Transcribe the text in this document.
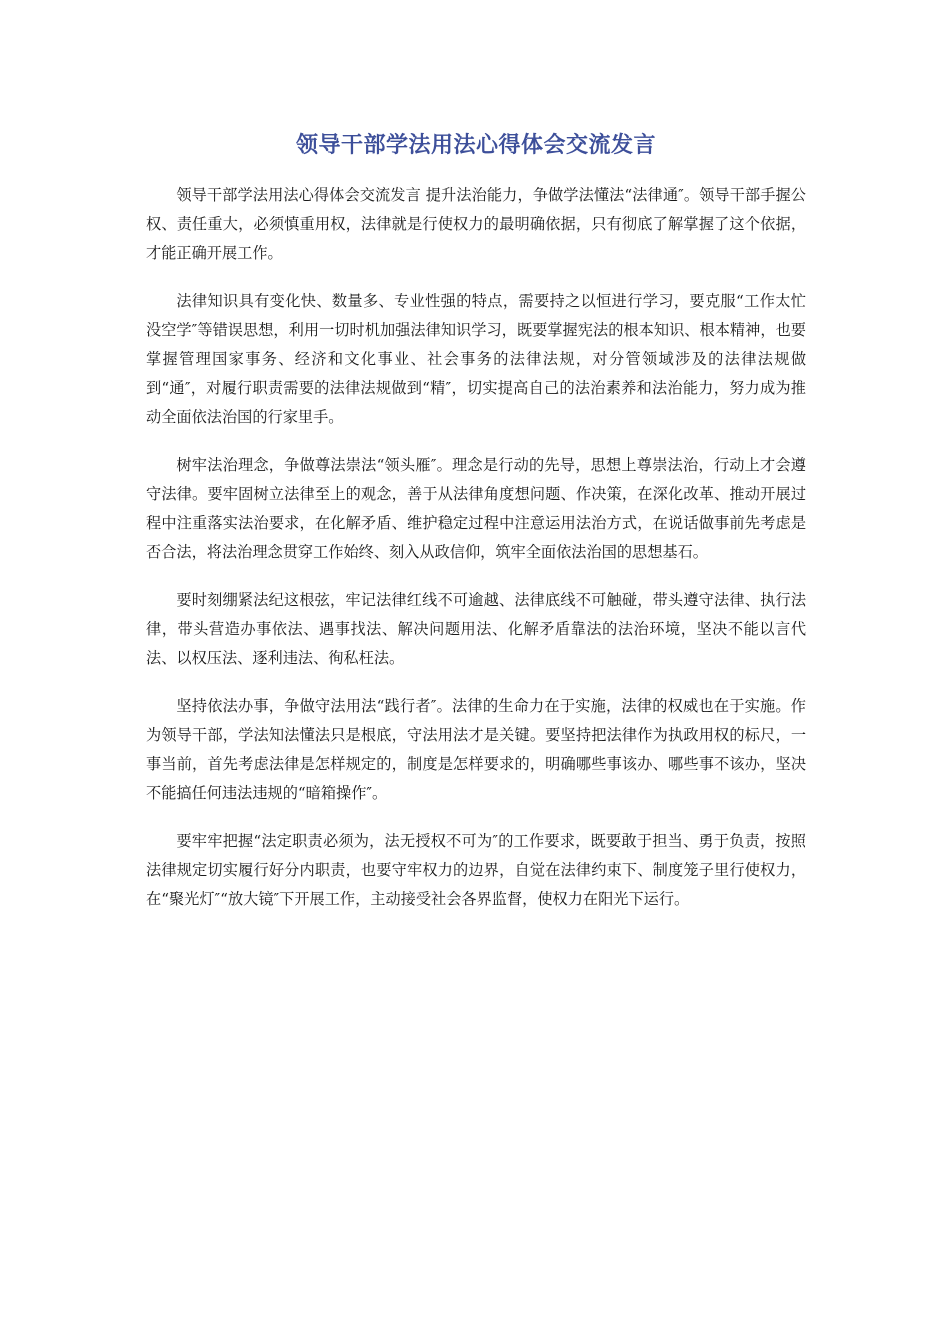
领导干部学法用法心得体会交流发言

领导干部学法用法心得体会交流发言 提升法治能力，争做学法懂法“法律通″。领导干部手握公权、责任重大，必须慎重用权，法律就是行使权力的最明确依据，只有彻底了解掌握了这个依据，才能正确开展工作。

法律知识具有变化快、数量多、专业性强的特点，需要持之以恒进行学习，要克服“工作太忙没空学″等错误思想，利用一切时机加强法律知识学习，既要掌握宪法的根本知识、根本精神，也要掌握管理国家事务、经济和文化事业、社会事务的法律法规，对分管领域涉及的法律法规做到“通″，对履行职责需要的法律法规做到“精″，切实提高自己的法治素养和法治能力，努力成为推动全面依法治国的行家里手。

树牢法治理念，争做尊法崇法“领头雁″。理念是行动的先导，思想上尊崇法治，行动上才会遵守法律。要牢固树立法律至上的观念，善于从法律角度想问题、作决策，在深化改革、推动开展过程中注重落实法治要求，在化解矛盾、维护稳定过程中注意运用法治方式，在说话做事前先考虑是否合法，将法治理念贯穿工作始终、刻入从政信仰，筑牢全面依法治国的思想基石。

要时刻绷紧法纪这根弦，牢记法律红线不可逾越、法律底线不可触碰，带头遵守法律、执行法律，带头营造办事依法、遇事找法、解决问题用法、化解矛盾靠法的法治环境，坚决不能以言代法、以权压法、逐利违法、徇私枉法。

坚持依法办事，争做守法用法“践行者″。法律的生命力在于实施，法律的权威也在于实施。作为领导干部，学法知法懂法只是根底，守法用法才是关键。要坚持把法律作为执政用权的标尺，一事当前，首先考虑法律是怎样规定的，制度是怎样要求的，明确哪些事该办、哪些事不该办，坚决不能搞任何违法违规的“暗箱操作″。

要牢牢把握“法定职责必须为，法无授权不可为″的工作要求，既要敢于担当、勇于负责，按照法律规定切实履行好分内职责，也要守牢权力的边界，自觉在法律约束下、制度笼子里行使权力，在“聚光灯″“放大镜″下开展工作，主动接受社会各界监督，使权力在阳光下运行。
